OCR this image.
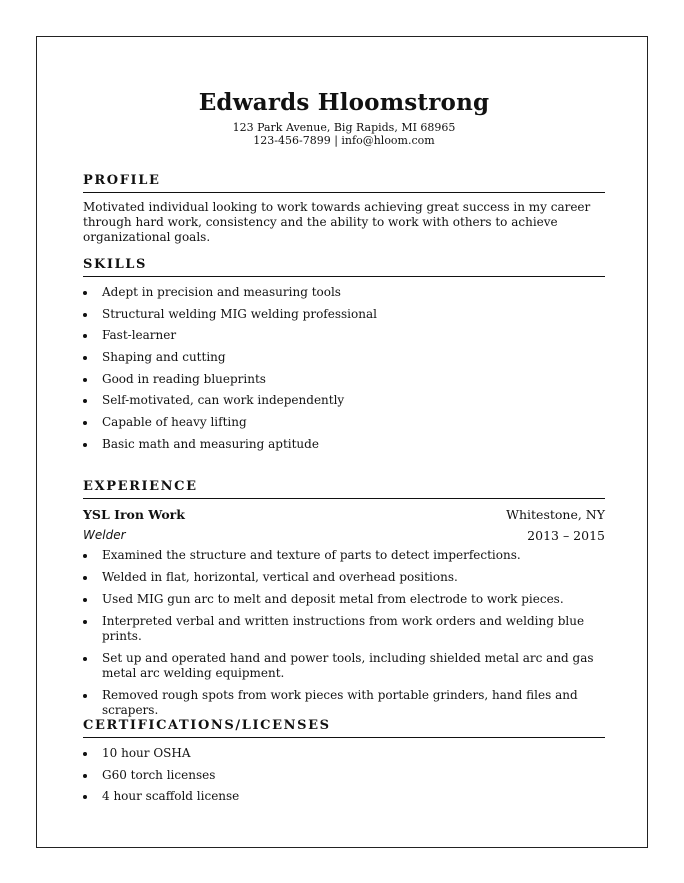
Edwards Hloomstrong
123 Park Avenue, Big Rapids, MI 68965
123-456-7899 | info@hloom.com
PROFILE
Motivated individual looking to work towards achieving great success in my career through hard work, consistency and the ability to work with others to achieve organizational goals.
SKILLS
Adept in precision and measuring tools
Structural welding MIG welding professional
Fast-learner
Shaping and cutting
Good in reading blueprints
Self-motivated, can work independently
Capable of heavy lifting
Basic math and measuring aptitude
EXPERIENCE
YSL Iron Work	Whitestone, NY
Welder	2013 – 2015
Examined the structure and texture of parts to detect imperfections.
Welded in flat, horizontal, vertical and overhead positions.
Used MIG gun arc to melt and deposit metal from electrode to work pieces.
Interpreted verbal and written instructions from work orders and welding blue prints.
Set up and operated hand and power tools, including shielded metal arc and gas metal arc welding equipment.
Removed rough spots from work pieces with portable grinders, hand files and scrapers.
CERTIFICATIONS/LICENSES
10 hour OSHA
G60 torch licenses
4 hour scaffold license
